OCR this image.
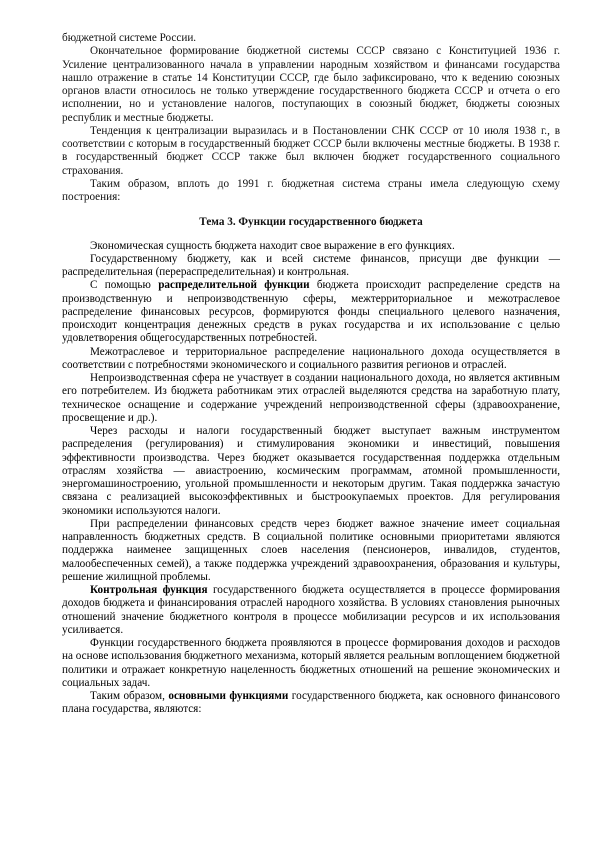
бюджетной системе России.

Окончательное формирование бюджетной системы СССР связано с Конституцией 1936 г. Усиление централизованного начала в управлении народным хозяйством и финансами государства нашло отражение в статье 14 Конституции СССР, где было зафиксировано, что к ведению союзных органов власти относилось не только утверждение государственного бюджета СССР и отчета о его исполнении, но и установление налогов, поступающих в союзный бюджет, бюджеты союзных республик и местные бюджеты.

Тенденция к централизации выразилась и в Постановлении СНК СССР от 10 июля 1938 г., в соответствии с которым в государственный бюджет СССР были включены местные бюджеты. В 1938 г. в государственный бюджет СССР также был включен бюджет государственного социального страхования.

Таким образом, вплоть до 1991 г. бюджетная система страны имела следующую схему построения:

Тема 3. Функции государственного бюджета

Экономическая сущность бюджета находит свое выражение в его функциях.

Государственному бюджету, как и всей системе финансов, присущи две функции — распределительная (перераспределительная) и контрольная.

С помощью распределительной функции бюджета происходит распределение средств на производственную и непроизводственную сферы, межтерриториальное и межотраслевое распределение финансовых ресурсов, формируются фонды специального целевого назначения, происходит концентрация денежных средств в руках государства и их использование с целью удовлетворения общегосударственных потребностей.

Межотраслевое и территориальное распределение национального дохода осуществляется в соответствии с потребностями экономического и социального развития регионов и отраслей.

Непроизводственная сфера не участвует в создании национального дохода, но является активным его потребителем. Из бюджета работникам этих отраслей выделяются средства на заработную плату, техническое оснащение и содержание учреждений непроизводственной сферы (здравоохранение, просвещение и др.).

Через расходы и налоги государственный бюджет выступает важным инструментом распределения (регулирования) и стимулирования экономики и инвестиций, повышения эффективности производства. Через бюджет оказывается государственная поддержка отдельным отраслям хозяйства — авиастроению, космическим программам, атомной промышленности, энергомашиностроению, угольной промышленности и некоторым другим. Такая поддержка зачастую связана с реализацией высокоэффективных и быстроокупаемых проектов. Для регулирования экономики используются налоги.

При распределении финансовых средств через бюджет важное значение имеет социальная направленность бюджетных средств. В социальной политике основными приоритетами являются поддержка наименее защищенных слоев населения (пенсионеров, инвалидов, студентов, малообеспеченных семей), а также поддержка учреждений здравоохранения, образования и культуры, решение жилищной проблемы.

Контрольная функция государственного бюджета осуществляется в процессе формирования доходов бюджета и финансирования отраслей народного хозяйства. В условиях становления рыночных отношений значение бюджетного контроля в процессе мобилизации ресурсов и их использования усиливается.

Функции государственного бюджета проявляются в процессе формирования доходов и расходов на основе использования бюджетного механизма, который является реальным воплощением бюджетной политики и отражает конкретную нацеленность бюджетных отношений на решение экономических и социальных задач.

Таким образом, основными функциями государственного бюджета, как основного финансового плана государства, являются:
